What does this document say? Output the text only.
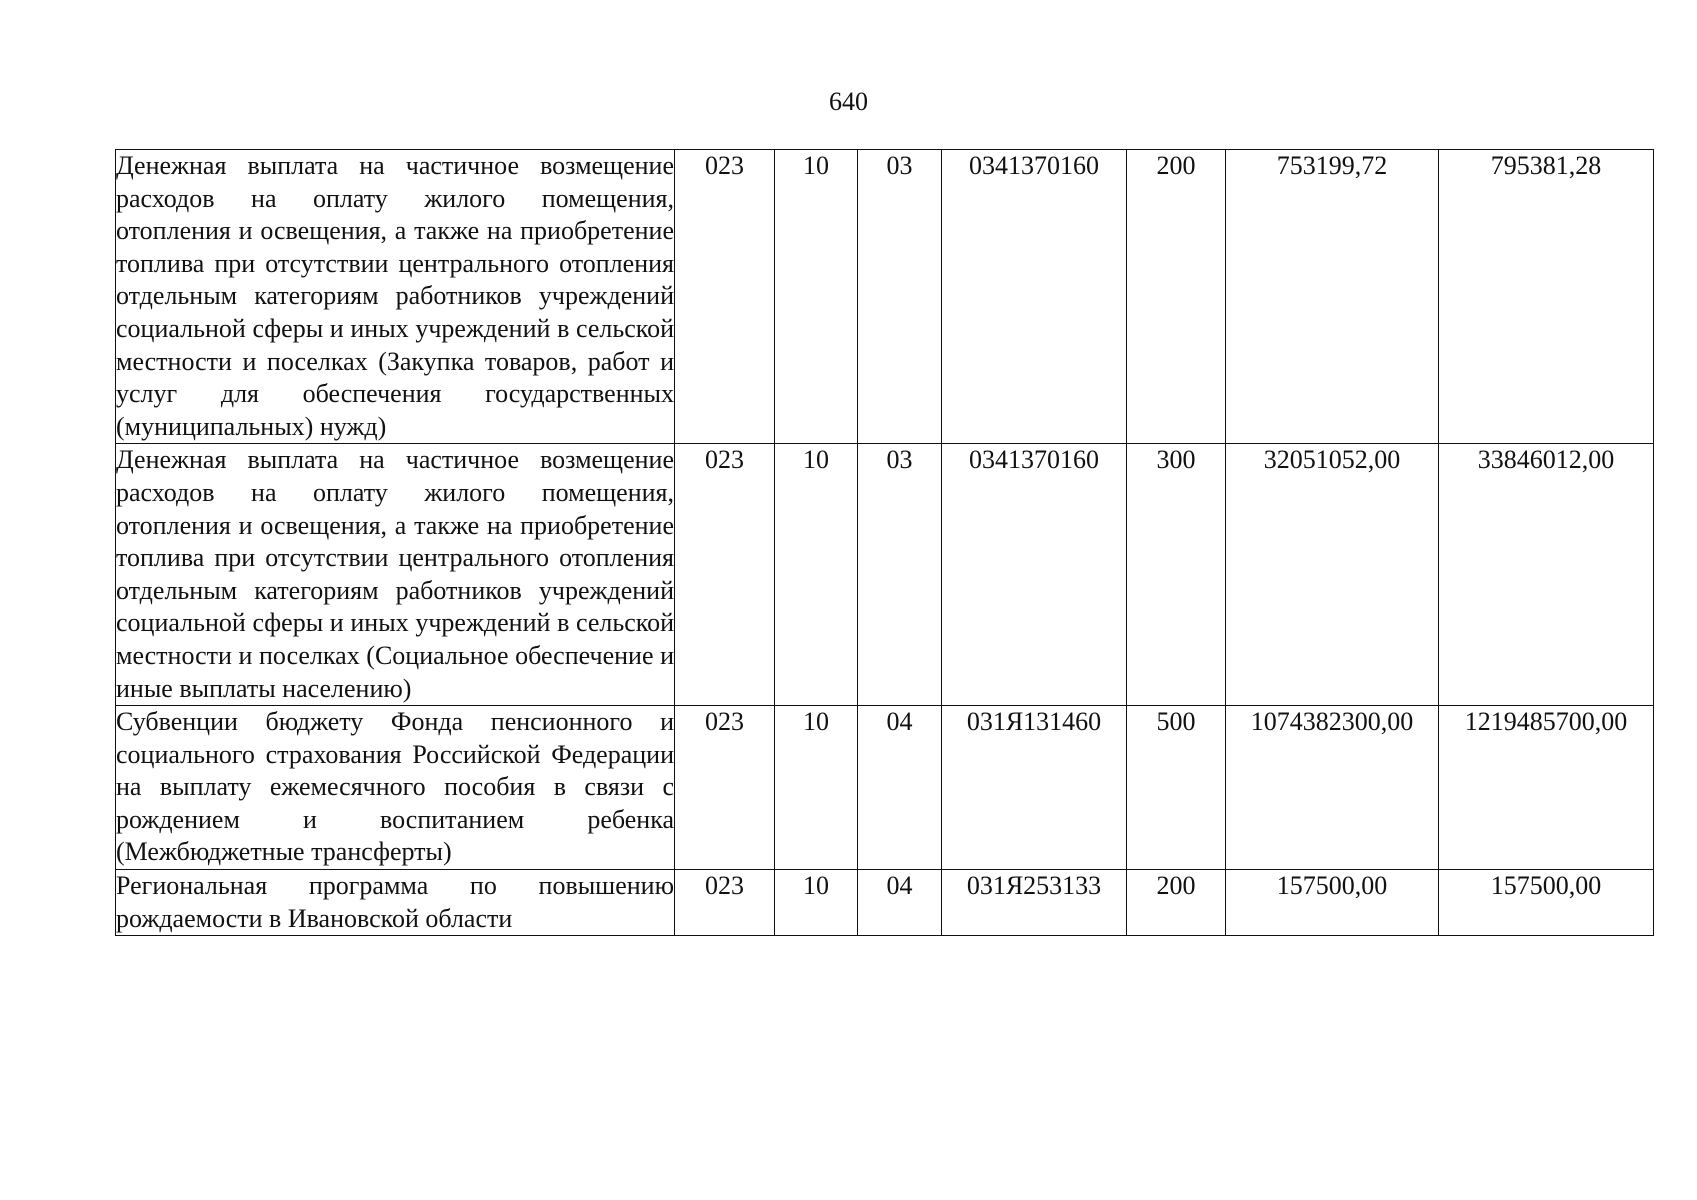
640
Денежная выплата на частичное возмещение расходов на оплату жилого помещения, отопления и освещения, а также на приобретение топлива при отсутствии центрального отопления отдельным категориям работников учреждений социальной сферы и иных учреждений в сельской местности и поселках (Закупка товаров, работ и услуг для обеспечения государственных (муниципальных) нужд)	023	10	03	0341370160	200	753199,72	795381,28

Денежная выплата на частичное возмещение расходов на оплату жилого помещения, отопления и освещения, а также на приобретение топлива при отсутствии центрального отопления отдельным категориям работников учреждений социальной сферы и иных учреждений в сельской местности и поселках (Социальное обеспечение и иные выплаты населению)	023	10	03	0341370160	300	32051052,00	33846012,00

Субвенции бюджету Фонда пенсионного и социального страхования Российской Федерации на выплату ежемесячного пособия в связи с рождением и воспитанием ребенка (Межбюджетные трансферты)	023	10	04	031Я131460	500	1074382300,00	1219485700,00

Региональная программа по повышению рождаемости в Ивановской области	023	10	04	031Я253133	200	157500,00	157500,00
